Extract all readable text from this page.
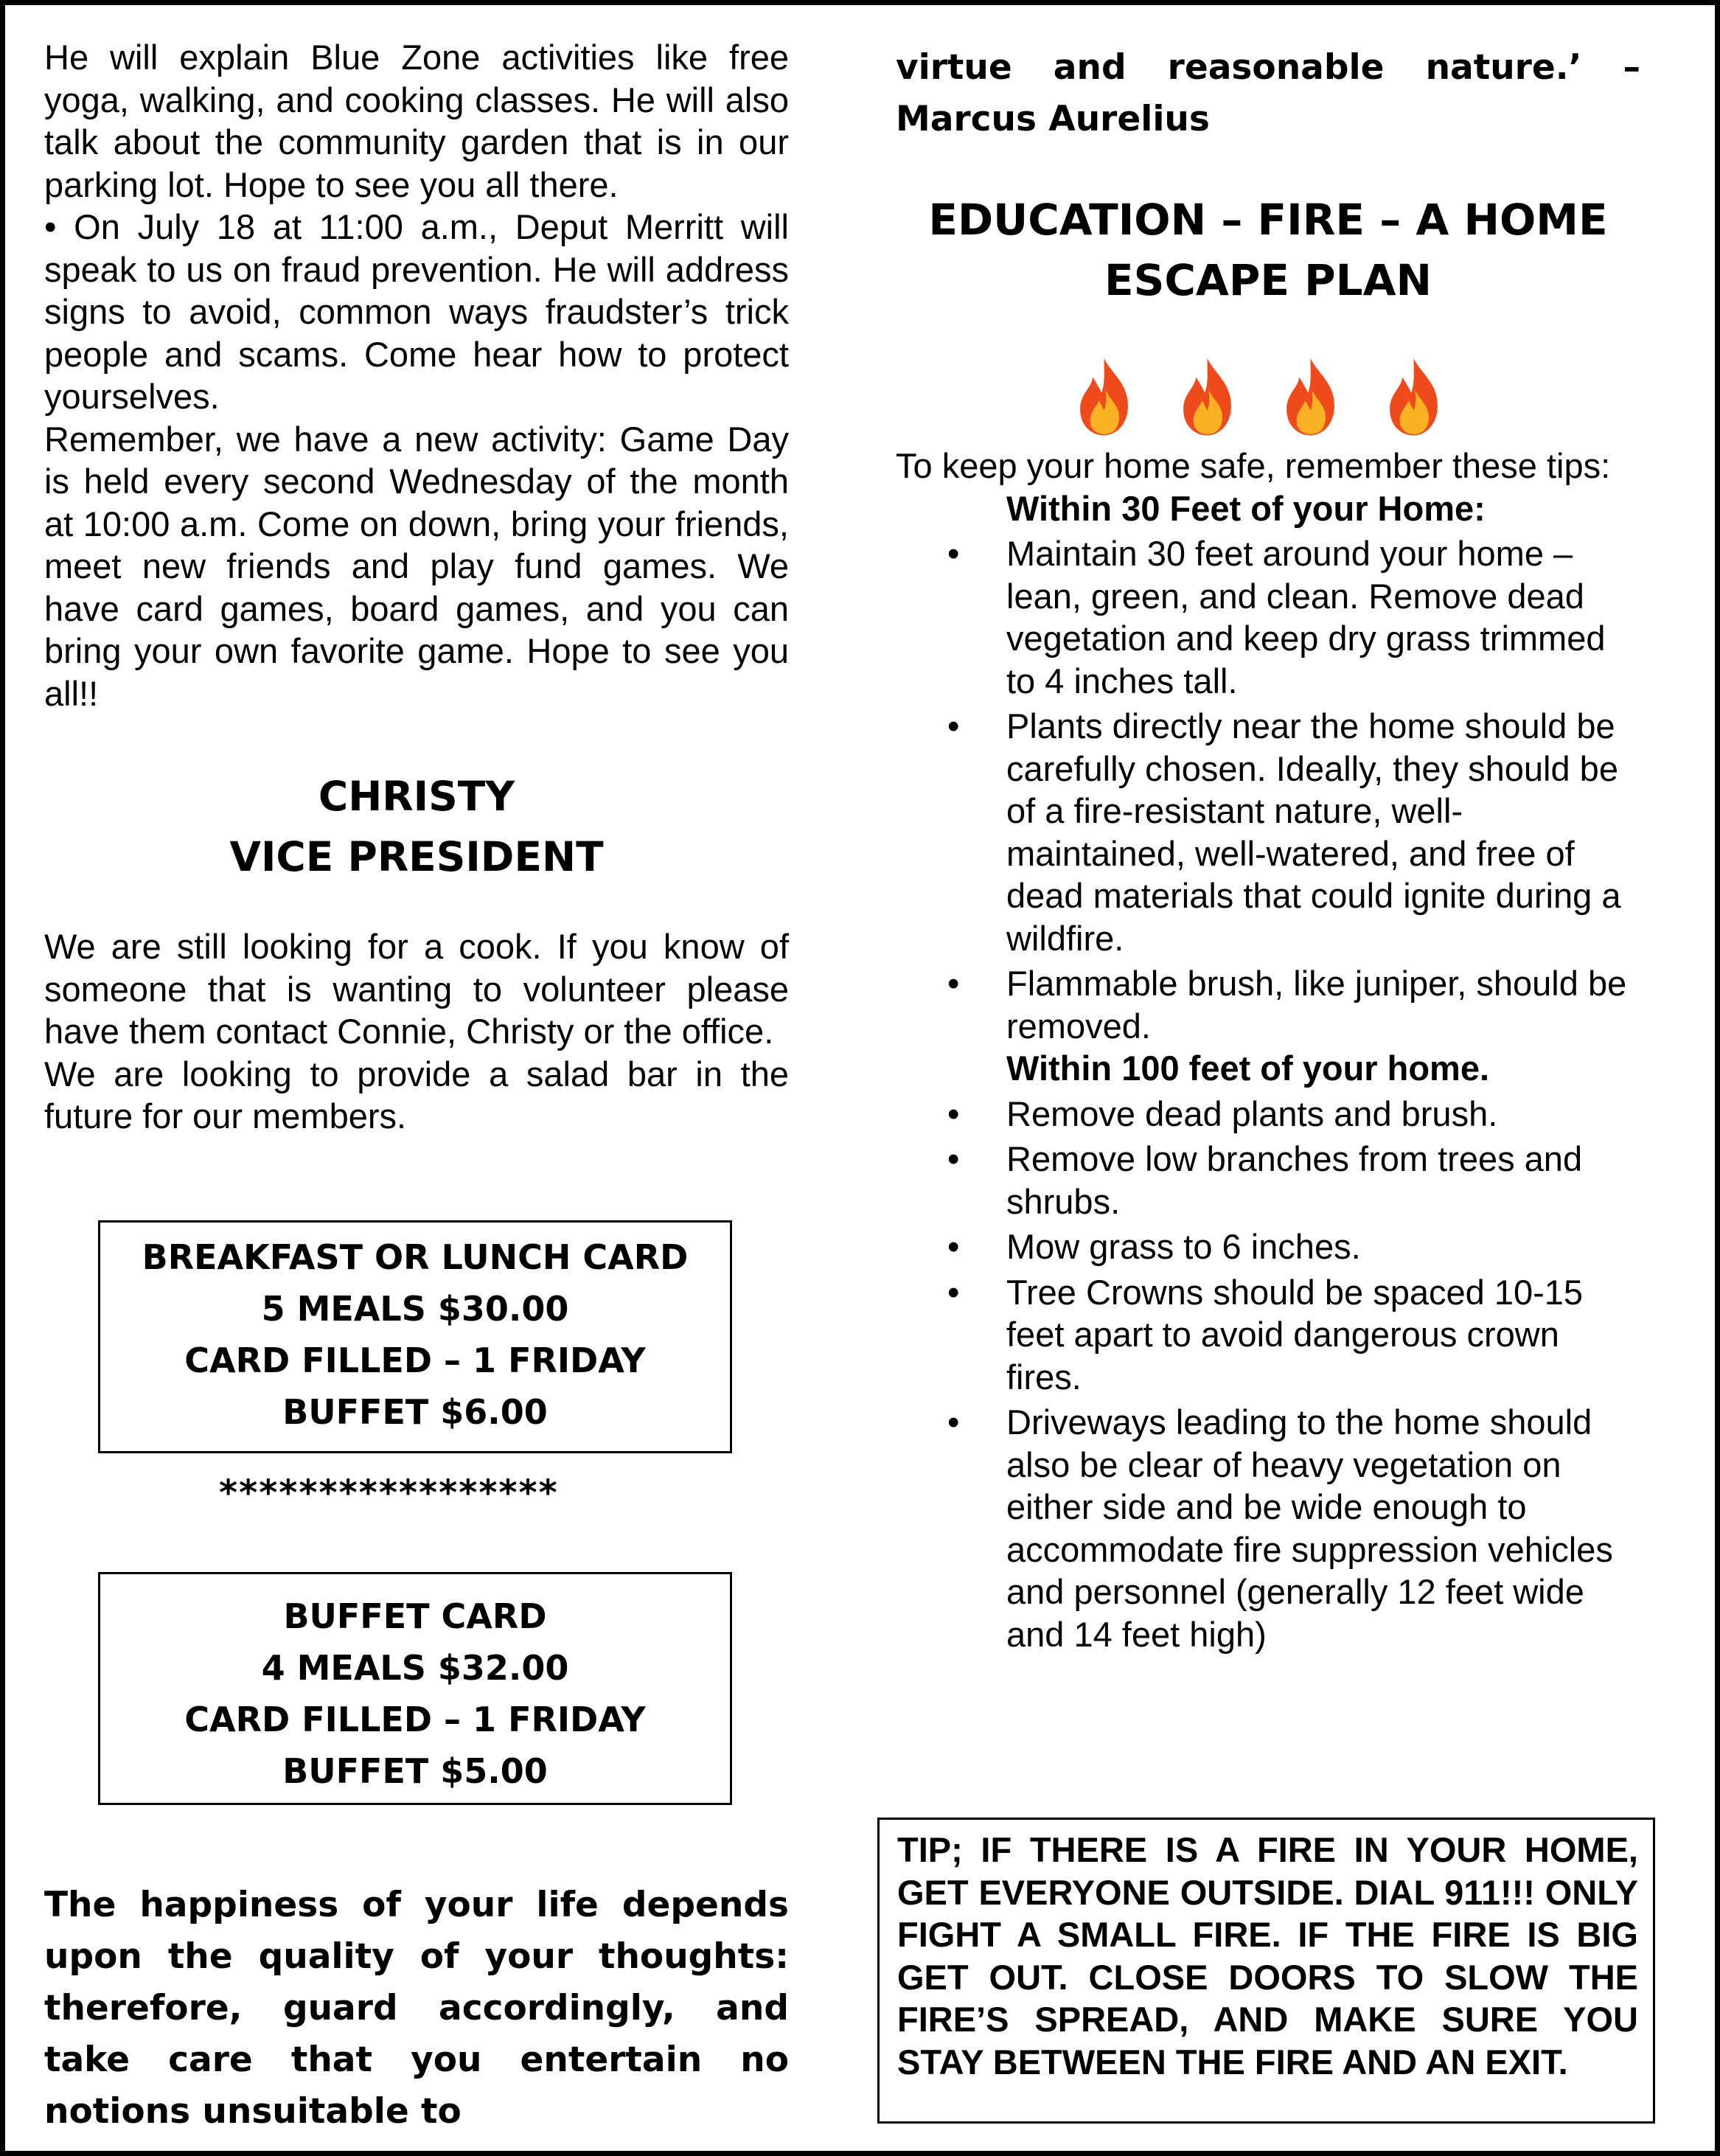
He will explain Blue Zone activities like free yoga, walking, and cooking classes. He will also talk about the community garden that is in our parking lot. Hope to see you all there.

• On July 18 at 11:00 a.m., Deput Merritt will speak to us on fraud prevention. He will address signs to avoid, common ways fraudster’s trick people and scams. Come hear how to protect yourselves.

Remember, we have a new activity: Game Day is held every second Wednesday of the month at 10:00 a.m. Come on down, bring your friends, meet new friends and play fund games. We have card games, board games, and you can bring your own favorite game. Hope to see you all!!

CHRISTY
VICE PRESIDENT

We are still looking for a cook. If you know of someone that is wanting to volunteer please have them contact Connie, Christy or the office.

We are looking to provide a salad bar in the future for our members.

BREAKFAST OR LUNCH CARD
5 MEALS $30.00
CARD FILLED – 1 FRIDAY
BUFFET $6.00
*****************
BUFFET CARD
4 MEALS $32.00
CARD FILLED – 1 FRIDAY
BUFFET $5.00

The happiness of your life depends upon the quality of your thoughts: therefore, guard accordingly, and take care that you entertain no notions unsuitable to

virtue and reasonable nature.’ – Marcus Aurelius

EDUCATION – FIRE – A HOME
ESCAPE PLAN

To keep your home safe, remember these tips:

Within 30 Feet of your Home:
• Maintain 30 feet around your home – lean, green, and clean. Remove dead vegetation and keep dry grass trimmed to 4 inches tall.
• Plants directly near the home should be carefully chosen. Ideally, they should be of a fire-resistant nature, well-maintained, well-watered, and free of dead materials that could ignite during a wildfire.
• Flammable brush, like juniper, should be removed.
Within 100 feet of your home.
• Remove dead plants and brush.
• Remove low branches from trees and shrubs.
• Mow grass to 6 inches.
• Tree Crowns should be spaced 10-15 feet apart to avoid dangerous crown fires.
• Driveways leading to the home should also be clear of heavy vegetation on either side and be wide enough to accommodate fire suppression vehicles and personnel (generally 12 feet wide and 14 feet high)
TIP; IF THERE IS A FIRE IN YOUR HOME, GET EVERYONE OUTSIDE. DIAL 911!!! ONLY FIGHT A SMALL FIRE. IF THE FIRE IS BIG GET OUT. CLOSE DOORS TO SLOW THE FIRE’S SPREAD, AND MAKE SURE YOU STAY BETWEEN THE FIRE AND AN EXIT.
